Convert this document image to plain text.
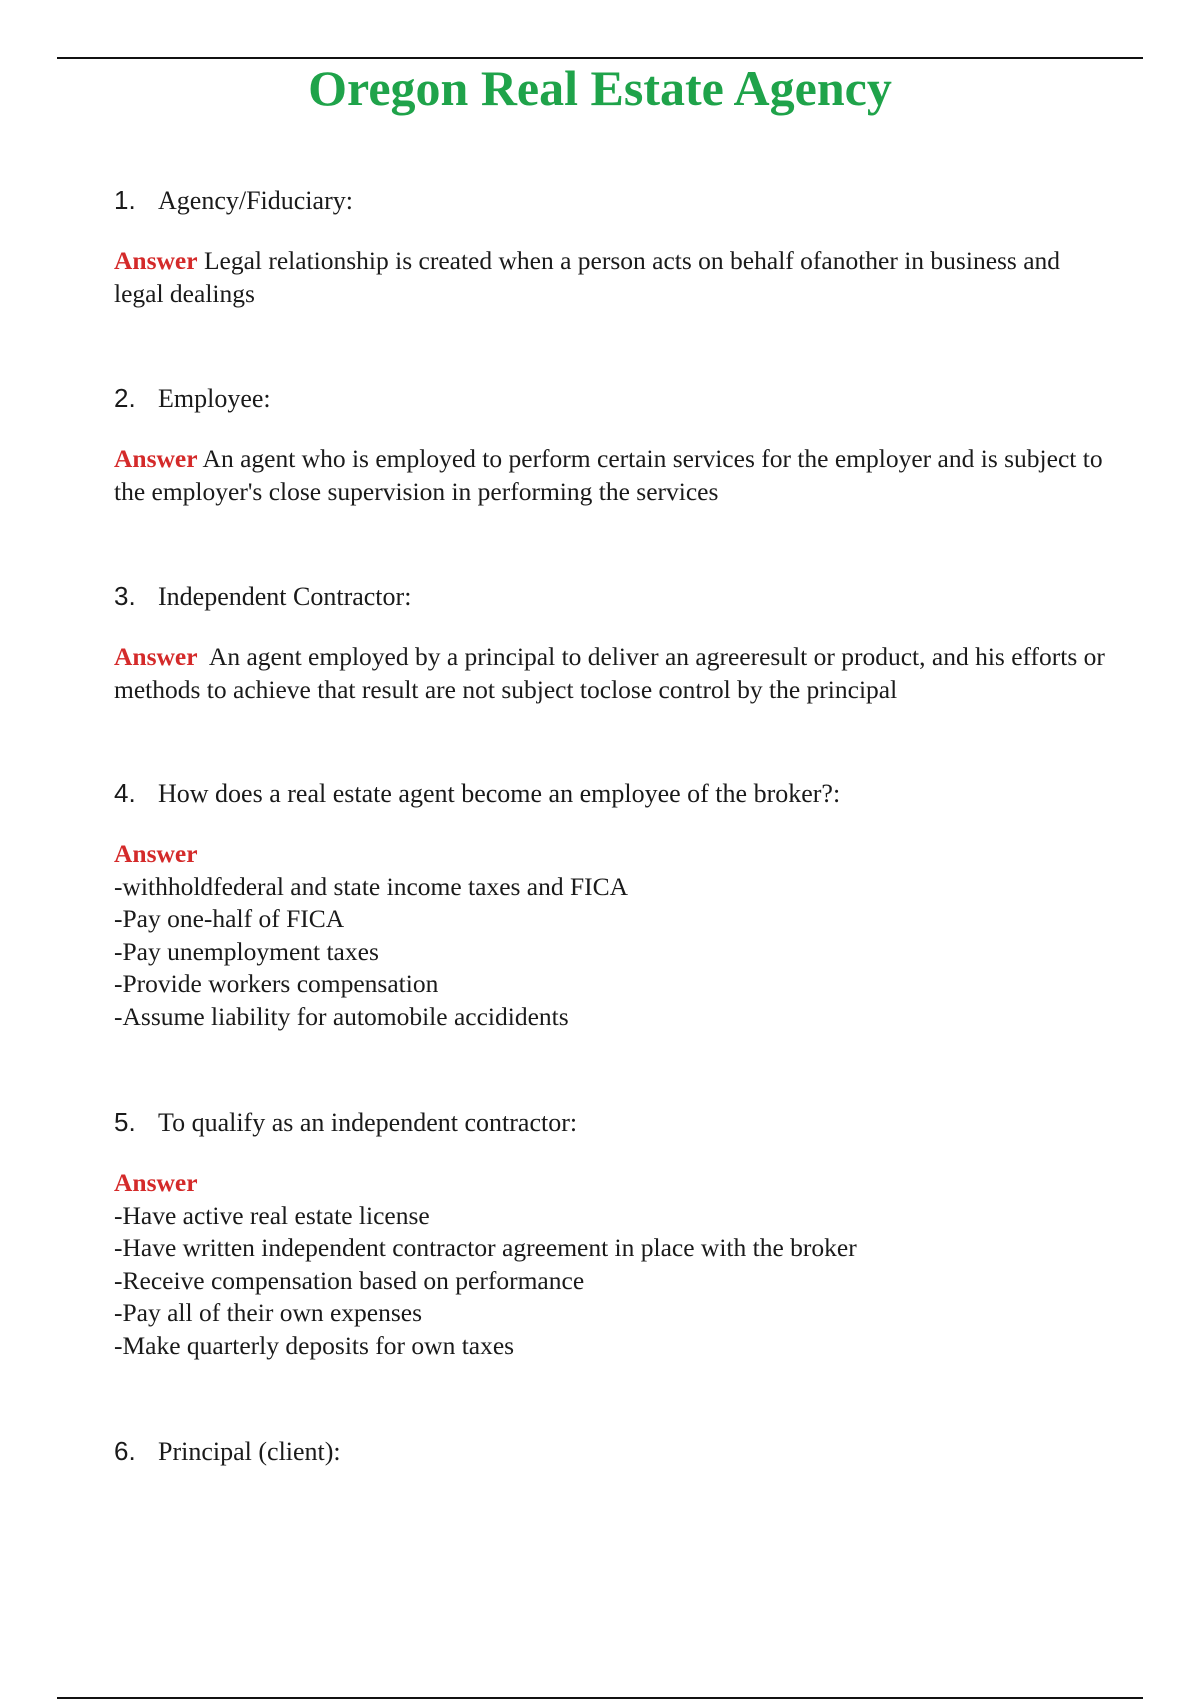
Oregon Real Estate Agency
1. Agency/Fiduciary:
Answer Legal relationship is created when a person acts on behalf ofanother in business and legal dealings
2. Employee:
Answer An agent who is employed to perform certain services for the employer and is subject to the employer's close supervision in performing the services
3. Independent Contractor:
Answer An agent employed by a principal to deliver an agreeresult or product, and his efforts or methods to achieve that result are not subject toclose control by the principal
4. How does a real estate agent become an employee of the broker?:
Answer
-withholdfederal and state income taxes and FICA
-Pay one-half of FICA
-Pay unemployment taxes
-Provide workers compensation
-Assume liability for automobile accididents
5. To qualify as an independent contractor:
Answer
-Have active real estate license
-Have written independent contractor agreement in place with the broker
-Receive compensation based on performance
-Pay all of their own expenses
-Make quarterly deposits for own taxes
6. Principal (client):
